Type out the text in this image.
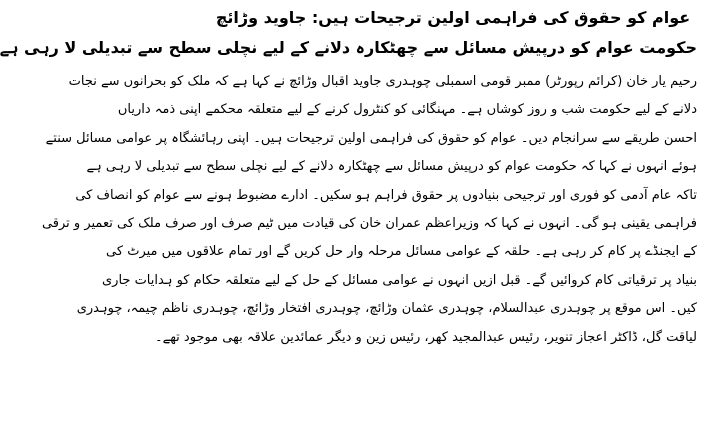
عوام کو حقوق کی فراہمی اولین ترجیحات ہیں: جاوید وڑائچ
حکومت عوام کو درپیش مسائل سے چھٹکارہ دلانے کے لیے نچلی سطح سے تبدیلی لا رہی ہے
رحیم یار خان (کرائم رپورٹر) ممبر قومی اسمبلی چوہدری جاوید اقبال وڑائچ نے کہا ہے کہ ملک کو بحرانوں سے نجات
دلانے کے لیے حکومت شب و روز کوشاں ہے۔ مہنگائی کو کنٹرول کرنے کے لیے متعلقہ محکمے اپنی ذمہ داریاں
احسن طریقے سے سرانجام دیں۔ عوام کو حقوق کی فراہمی اولین ترجیحات ہیں۔ اپنی رہائشگاہ پر عوامی مسائل سنتے
ہوئے انہوں نے کہا کہ حکومت عوام کو درپیش مسائل سے چھٹکارہ دلانے کے لیے نچلی سطح سے تبدیلی لا رہی ہے
تاکہ عام آدمی کو فوری اور ترجیحی بنیادوں پر حقوق فراہم ہو سکیں۔ ادارے مضبوط ہونے سے عوام کو انصاف کی
فراہمی یقینی ہو گی۔ انہوں نے کہا کہ وزیراعظم عمران خان کی قیادت میں ٹیم صرف اور صرف ملک کی تعمیر و ترقی
کے ایجنڈے پر کام کر رہی ہے۔ حلقہ کے عوامی مسائل مرحلہ وار حل کریں گے اور تمام علاقوں میں میرٹ کی
بنیاد پر ترقیاتی کام کروائیں گے۔ قبل ازیں انہوں نے عوامی مسائل کے حل کے لیے متعلقہ حکام کو ہدایات جاری
کیں۔ اس موقع پر چوہدری عبدالسلام، چوہدری عثمان وڑائچ، چوہدری افتخار وڑائچ، چوہدری ناظم چیمہ، چوہدری
لیاقت گل، ڈاکٹر اعجاز تنویر، رئیس عبدالمجید کھر، رئیس زین و دیگر عمائدین علاقہ بھی موجود تھے۔
